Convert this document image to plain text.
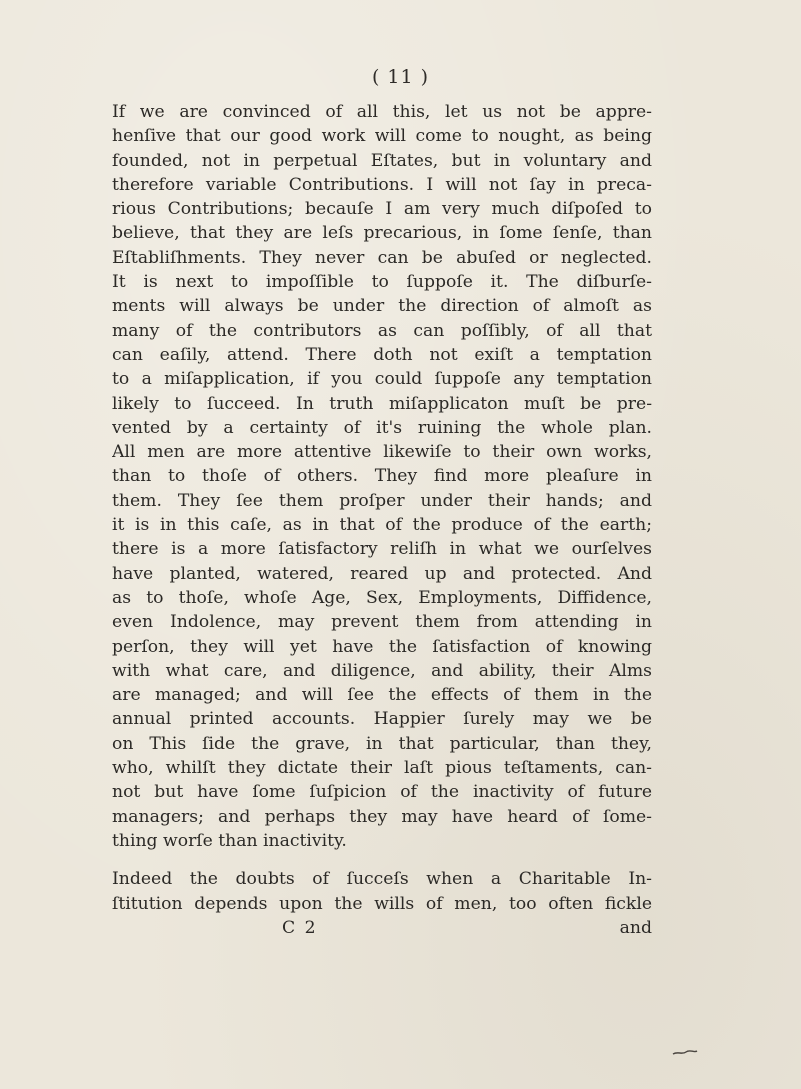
( 11 )
If we are convinced of all this, let us not be appre-
henſive that our good work will come to nought, as being
founded, not in perpetual Eſtates, but in voluntary and
therefore variable Contributions. I will not ſay in preca-
rious Contributions; becauſe I am very much diſpoſed to
believe, that they are leſs precarious, in ſome ſenſe, than
Eſtabliſhments. They never can be abuſed or neglected.
It is next to impoſſible to ſuppoſe it. The diſburſe-
ments will always be under the direction of almoſt as
many of the contributors as can poſſibly, of all that
can eaſily, attend. There doth not exiſt a temptation
to a miſapplication, if you could ſuppoſe any temptation
likely to ſucceed. In truth miſapplicaton muſt be pre-
vented by a certainty of it's ruining the whole plan.
All men are more attentive likewiſe to their own works,
than to thoſe of others. They find more pleaſure in
them. They ſee them proſper under their hands; and
it is in this caſe, as in that of the produce of the earth;
there is a more ſatisfactory reliſh in what we ourſelves
have planted, watered, reared up and protected. And
as to thoſe, whoſe Age, Sex, Employments, Diffidence,
even Indolence, may prevent them from attending in
perſon, they will yet have the ſatisfaction of knowing
with what care, and diligence, and ability, their Alms
are managed; and will ſee the effects of them in the
annual printed accounts. Happier ſurely may we be
on This ſide the grave, in that particular, than they,
who, whilſt they dictate their laſt pious teſtaments, can-
not but have ſome ſuſpicion of the inactivity of future
managers; and perhaps they may have heard of ſome-
thing worſe than inactivity.
Indeed the doubts of ſucceſs when a Charitable In-
ſtitution depends upon the wills of men, too often fickle
C 2	and
